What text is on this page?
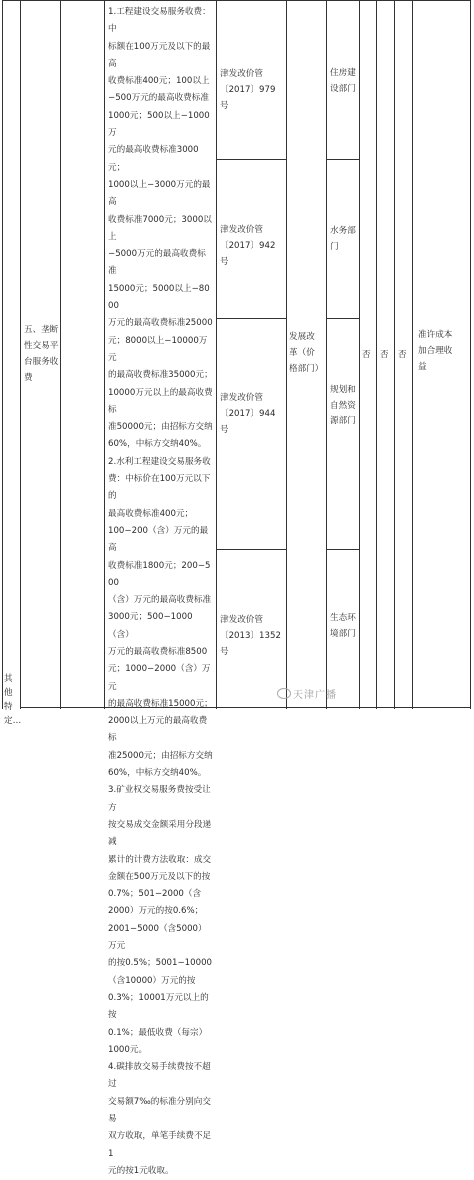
其他特定…
五、垄断性交易平台服务收费
1.工程建设交易服务收费：中
标额在100万元及以下的最高
收费标准400元；100以上
−500万元的最高收费标准
1000元；500以上−1000万
元的最高收费标准3000元；
1000以上−3000万元的最高
收费标准7000元；3000以上
−5000万元的最高收费标准
15000元；5000以上−8000
万元的最高收费标准25000
元；8000以上−10000万元
的最高收费标准35000元；
10000万元以上的最高收费标
准50000元；由招标方交纳
60%，中标方交纳40%。
2.水利工程建设交易服务收
费：中标价在100万元以下的
最高收费标准400元；
100−200（含）万元的最高
收费标准1800元；200−500
（含）万元的最高收费标准
3000元；500−1000（含）
万元的最高收费标准8500
元；1000−2000（含）万元
的最高收费标准15000元；
2000以上万元的最高收费标
准25000元；由招标方交纳
60%，中标方交纳40%。
3.矿业权交易服务费按受让方
按交易成交金额采用分段递减
累计的计费方法收取：成交
金额在500万元及以下的按
0.7%；501−2000（含
2000）万元的按0.6%；
2001−5000（含5000）万元
的按0.5%；5001−10000
（含10000）万元的按
0.3%；10001万元以上的按
0.1%；最低收费（每宗）
1000元。
4.碳排放交易手续费按不超过
交易额7‰的标准分别向交易
双方收取，单笔手续费不足1
元的按1元收取。
津发改价管
〔2017〕979号
津发改价管
〔2017〕942号
津发改价管
〔2017〕944号
津发改价管
〔2013〕1352号
发展改革（价格部门）
住房建
设部门
水务部
门
规划和
自然资
源部门
生态环
境部门
否 否 否
准许成本加合理收益
天津广播
